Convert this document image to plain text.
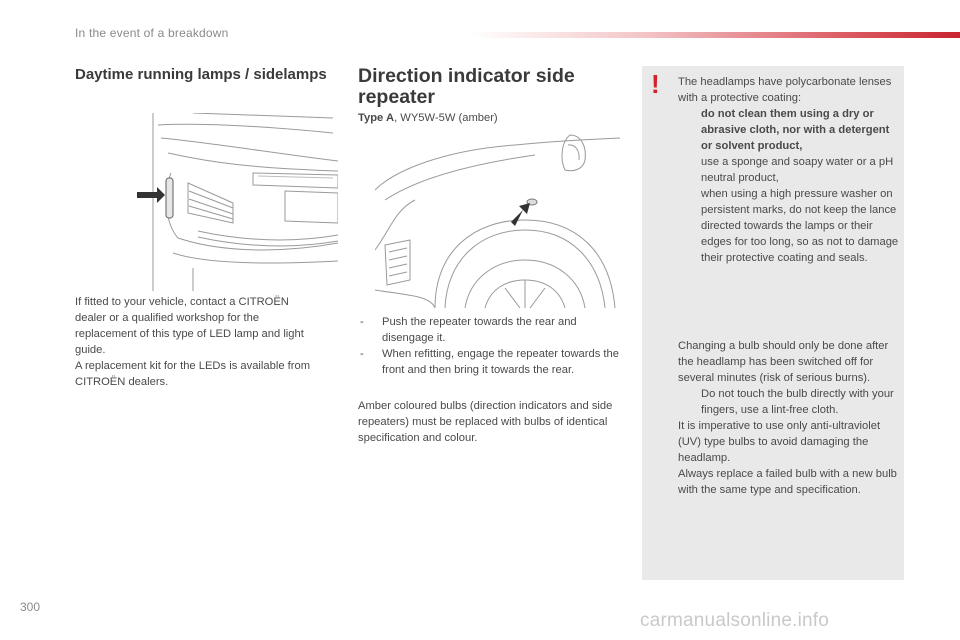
In the event of a breakdown
Daytime running lamps / sidelamps
If fitted to your vehicle, contact a CITROËN
dealer or a qualified workshop for the
replacement of this type of LED lamp and light
guide.
A replacement kit for the LEDs is available from
CITROËN dealers.
Direction indicator side repeater
Type A, WY5W-5W (amber)
- Push the repeater towards the rear and disengage it.
- When refitting, engage the repeater towards the front and then bring it towards the rear.
Amber coloured bulbs (direction indicators and side repeaters) must be replaced with bulbs of identical specification and colour.
! The headlamps have polycarbonate lenses with a protective coating:
do not clean them using a dry or abrasive cloth, nor with a detergent or solvent product,
use a sponge and soapy water or a pH neutral product,
when using a high pressure washer on persistent marks, do not keep the lance directed towards the lamps or their edges for too long, so as not to damage their protective coating and seals.
Changing a bulb should only be done after the headlamp has been switched off for several minutes (risk of serious burns).
Do not touch the bulb directly with your fingers, use a lint-free cloth.
It is imperative to use only anti-ultraviolet (UV) type bulbs to avoid damaging the headlamp.
Always replace a failed bulb with a new bulb with the same type and specification.
300
carmanualsonline.info
